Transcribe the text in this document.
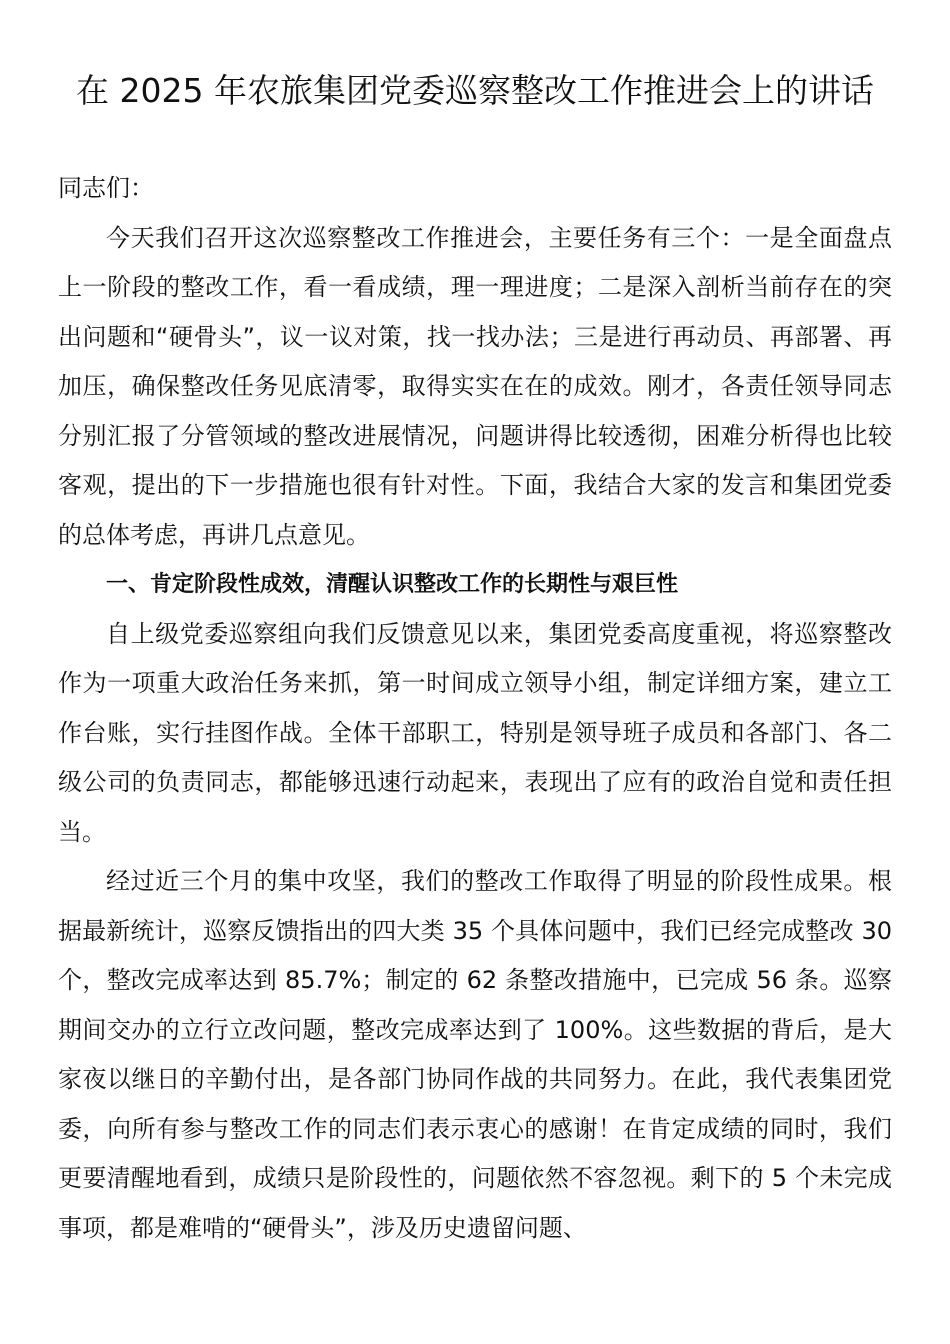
在 2025 年农旅集团党委巡察整改工作推进会上的讲话

同志们：

今天我们召开这次巡察整改工作推进会，主要任务有三个：一是全面盘点上一阶段的整改工作，看一看成绩，理一理进度；二是深入剖析当前存在的突出问题和“硬骨头”，议一议对策，找一找办法；三是进行再动员、再部署、再加压，确保整改任务见底清零，取得实实在在的成效。刚才，各责任领导同志分别汇报了分管领域的整改进展情况，问题讲得比较透彻，困难分析得也比较客观，提出的下一步措施也很有针对性。下面，我结合大家的发言和集团党委的总体考虑，再讲几点意见。

一、肯定阶段性成效，清醒认识整改工作的长期性与艰巨性

自上级党委巡察组向我们反馈意见以来，集团党委高度重视，将巡察整改作为一项重大政治任务来抓，第一时间成立领导小组，制定详细方案，建立工作台账，实行挂图作战。全体干部职工，特别是领导班子成员和各部门、各二级公司的负责同志，都能够迅速行动起来，表现出了应有的政治自觉和责任担当。

经过近三个月的集中攻坚，我们的整改工作取得了明显的阶段性成果。根据最新统计，巡察反馈指出的四大类 35 个具体问题中，我们已经完成整改 30 个，整改完成率达到 85.7%；制定的 62 条整改措施中，已完成 56 条。巡察期间交办的立行立改问题，整改完成率达到了 100%。这些数据的背后，是大家夜以继日的辛勤付出，是各部门协同作战的共同努力。在此，我代表集团党委，向所有参与整改工作的同志们表示衷心的感谢！在肯定成绩的同时，我们更要清醒地看到，成绩只是阶段性的，问题依然不容忽视。剩下的 5 个未完成事项，都是难啃的“硬骨头”，涉及历史遗留问题、
